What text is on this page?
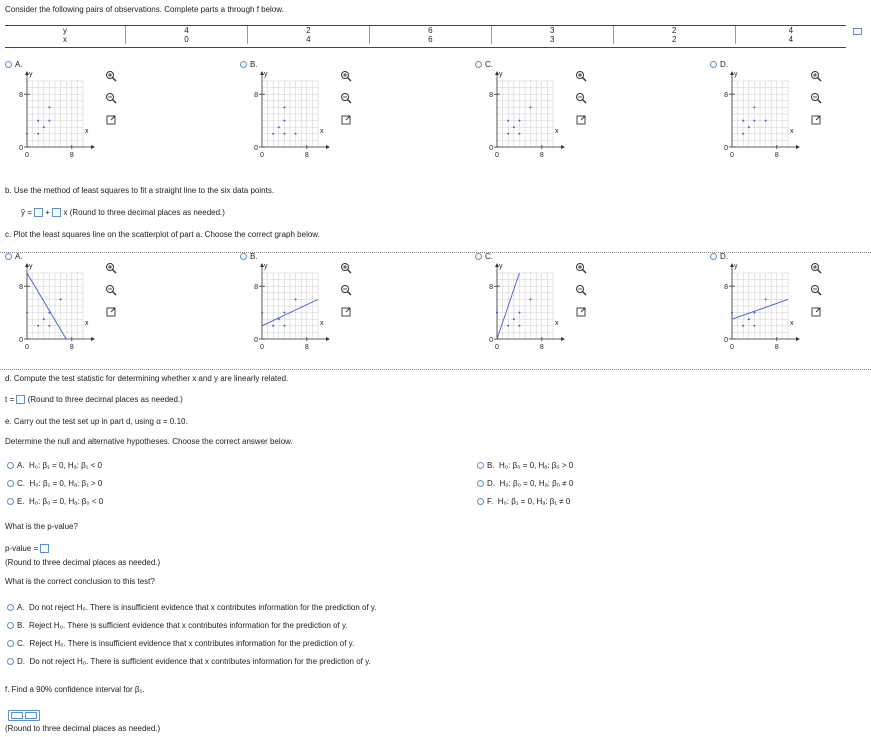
Consider the following pairs of observations. Complete parts a through f below.
y	4	2	6	3	2	4
x	0	4	6	3	2	4
A.
y
8
0
0	8
x
B.
y
8
0
0	8
x
C.
y
8
0
0	8
x
D.
y
8
0
0	8
x
b. Use the method of least squares to fit a straight line to the six data points.
ŷ = + x (Round to three decimal places as needed.)
c. Plot the least squares line on the scatterplot of part a. Choose the correct graph below.
A.
y
8
0
0	8
x
B.
y
8
0
0	8
x
C.
y
8
0
0	8
x
D.
y
8
0
0	8
x
d. Compute the test statistic for determining whether x and y are linearly related.
t = (Round to three decimal places as needed.)
e. Carry out the test set up in part d, using α = 0.10.
Determine the null and alternative hypotheses. Choose the correct answer below.
A. H₀: β₁ = 0, Hₐ: β₁ < 0	B. H₀: β₀ = 0, Hₐ: β₀ > 0
C. H₀: β₁ = 0, Hₐ: β₁ > 0	D. H₀: β₀ = 0, Hₐ: β₀ ≠ 0
E. H₀: β₀ = 0, Hₐ: β₀ < 0	F. H₀: β₁ = 0, Hₐ: β₁ ≠ 0
What is the p-value?
p-value =
(Round to three decimal places as needed.)
What is the correct conclusion to this test?
A. Do not reject H₀. There is insufficient evidence that x contributes information for the prediction of y.
B. Reject H₀. There is sufficient evidence that x contributes information for the prediction of y.
C. Reject H₀. There is insufficient evidence that x contributes information for the prediction of y.
D. Do not reject H₀. There is sufficient evidence that x contributes information for the prediction of y.
f. Find a 90% confidence interval for β₁.
(Round to three decimal places as needed.)
